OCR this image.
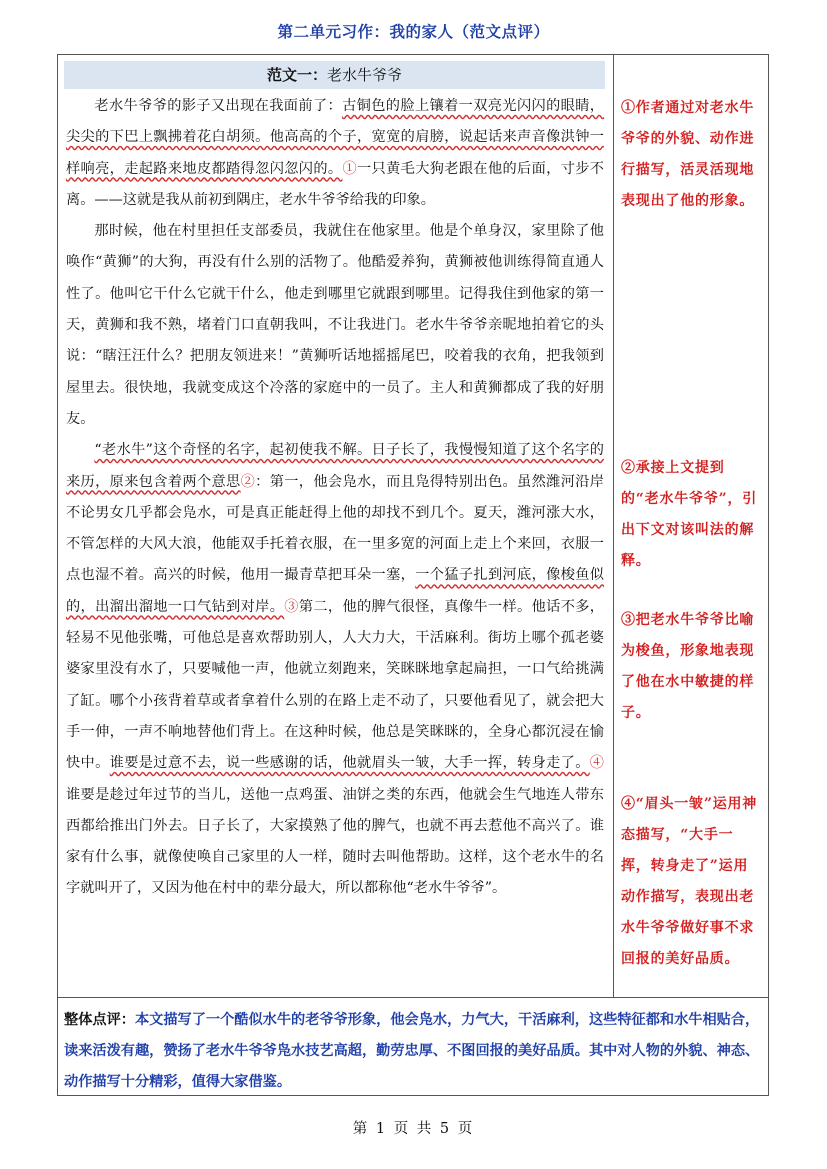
第二单元习作：我的家人（范文点评）
范文一：老水牛爷爷

老水牛爷爷的影子又出现在我面前了：古铜色的脸上镶着一双亮光闪闪的眼睛，尖尖的下巴上飘拂着花白胡须。他高高的个子，宽宽的肩膀，说起话来声音像洪钟一样响亮，走起路来地皮都踏得忽闪忽闪的。①一只黄毛大狗老跟在他的后面，寸步不离。——这就是我从前初到隅庄，老水牛爷爷给我的印象。

那时候，他在村里担任支部委员，我就住在他家里。他是个单身汉，家里除了他唤作“黄狮”的大狗，再没有什么别的活物了。他酷爱养狗，黄狮被他训练得简直通人性了。他叫它干什么它就干什么，他走到哪里它就跟到哪里。记得我住到他家的第一天，黄狮和我不熟，堵着门口直朝我叫，不让我进门。老水牛爷爷亲昵地拍着它的头说：“瞎汪汪什么？把朋友领进来！”黄狮听话地摇摇尾巴，咬着我的衣角，把我领到屋里去。很快地，我就变成这个冷落的家庭中的一员了。主人和黄狮都成了我的好朋友。

“老水牛”这个奇怪的名字，起初使我不解。日子长了，我慢慢知道了这个名字的来历，原来包含着两个意思②：第一，他会凫水，而且凫得特别出色。虽然潍河沿岸不论男女几乎都会凫水，可是真正能赶得上他的却找不到几个。夏天，潍河涨大水，不管怎样的大风大浪，他能双手托着衣服，在一里多宽的河面上走上个来回，衣服一点也湿不着。高兴的时候，他用一撮青草把耳朵一塞，一个猛子扎到河底，像梭鱼似的，出溜出溜地一口气钻到对岸。③第二，他的脾气很怪，真像牛一样。他话不多，轻易不见他张嘴，可他总是喜欢帮助别人，人大力大，干活麻利。街坊上哪个孤老婆婆家里没有水了，只要喊他一声，他就立刻跑来，笑眯眯地拿起扁担，一口气给挑满了缸。哪个小孩背着草或者拿着什么别的在路上走不动了，只要他看见了，就会把大手一伸，一声不响地替他们背上。在这种时候，他总是笑眯眯的，全身心都沉浸在愉快中。谁要是过意不去，说一些感谢的话，他就眉头一皱，大手一挥，转身走了。④谁要是趁过年过节的当儿，送他一点鸡蛋、油饼之类的东西，他就会生气地连人带东西都给推出门外去。日子长了，大家摸熟了他的脾气，也就不再去惹他不高兴了。谁家有什么事，就像使唤自己家里的人一样，随时去叫他帮助。这样，这个老水牛的名字就叫开了，又因为他在村中的辈分最大，所以都称他“老水牛爷爷”。

①作者通过对老水牛爷爷的外貌、动作进行描写，活灵活现地表现出了他的形象。
②承接上文提到的“老水牛爷爷”，引出下文对该叫法的解释。
③把老水牛爷爷比喻为梭鱼，形象地表现了他在水中敏捷的样子。
④“眉头一皱”运用神态描写，“大手一挥，转身走了”运用动作描写，表现出老水牛爷爷做好事不求回报的美好品质。
整体点评：本文描写了一个酷似水牛的老爷爷形象，他会凫水，力气大，干活麻利，这些特征都和水牛相贴合，读来活泼有趣，赞扬了老水牛爷爷凫水技艺高超，勤劳忠厚、不图回报的美好品质。其中对人物的外貌、神态、动作描写十分精彩，值得大家借鉴。
第 1 页 共 5 页
